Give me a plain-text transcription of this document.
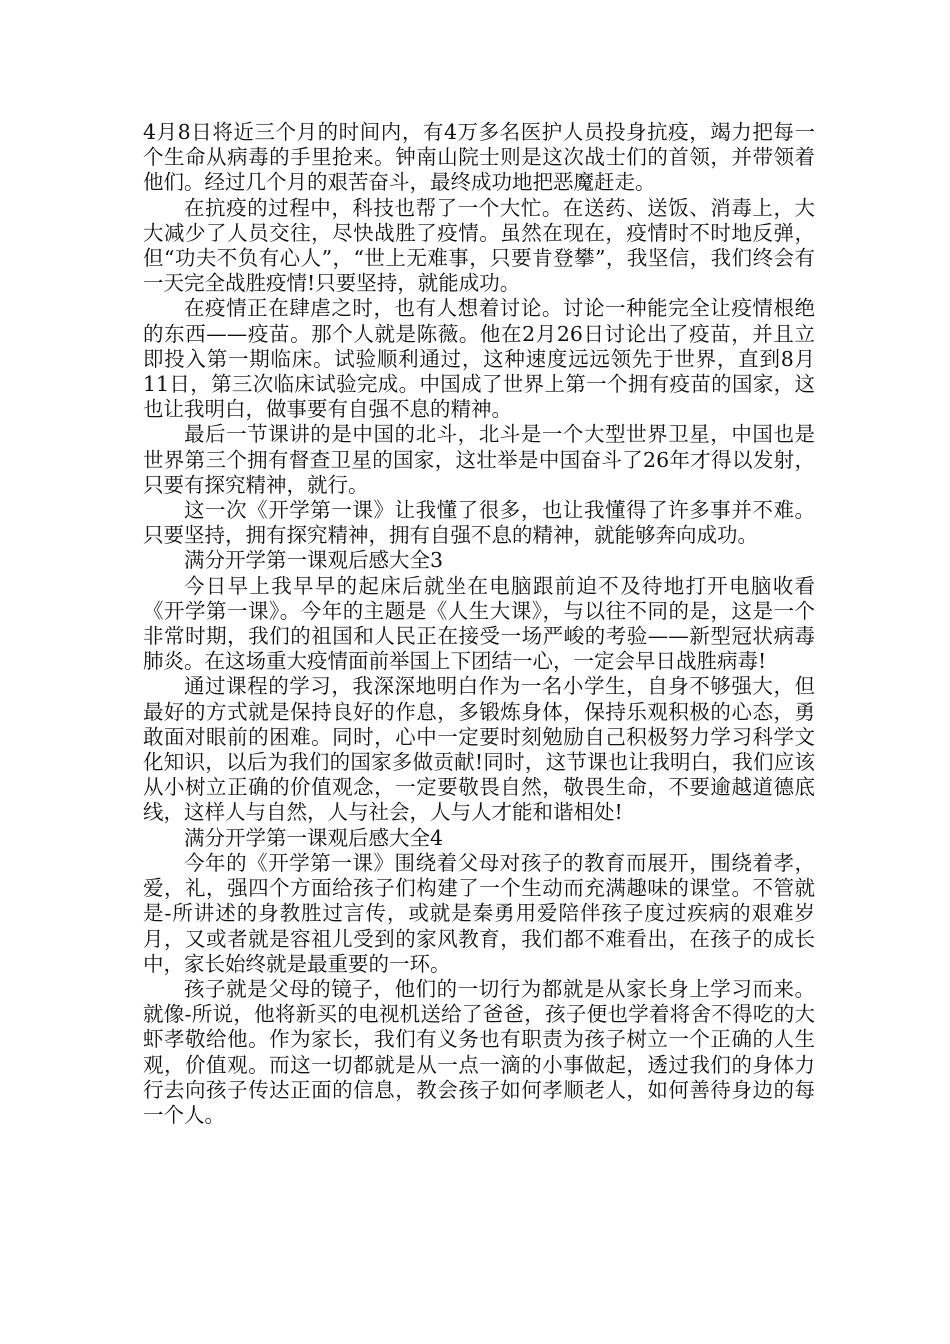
4月8日将近三个月的时间内，有4万多名医护人员投身抗疫，竭力把每一个生命从病毒的手里抢来。钟南山院士则是这次战士们的首领，并带领着他们。经过几个月的艰苦奋斗，最终成功地把恶魔赶走。

在抗疫的过程中，科技也帮了一个大忙。在送药、送饭、消毒上，大大减少了人员交往，尽快战胜了疫情。虽然在现在，疫情时不时地反弹，但“功夫不负有心人”，“世上无难事，只要肯登攀”，我坚信，我们终会有一天完全战胜疫情!只要坚持，就能成功。

在疫情正在肆虐之时，也有人想着讨论。讨论一种能完全让疫情根绝的东西——疫苗。那个人就是陈薇。他在2月26日讨论出了疫苗，并且立即投入第一期临床。试验顺利通过，这种速度远远领先于世界，直到8月11日，第三次临床试验完成。中国成了世界上第一个拥有疫苗的国家，这也让我明白，做事要有自强不息的精神。

最后一节课讲的是中国的北斗，北斗是一个大型世界卫星，中国也是世界第三个拥有督查卫星的国家，这壮举是中国奋斗了26年才得以发射，只要有探究精神，就行。

这一次《开学第一课》让我懂了很多，也让我懂得了许多事并不难。只要坚持，拥有探究精神，拥有自强不息的精神，就能够奔向成功。

满分开学第一课观后感大全3

今日早上我早早的起床后就坐在电脑跟前迫不及待地打开电脑收看《开学第一课》。今年的主题是《人生大课》，与以往不同的是，这是一个非常时期，我们的祖国和人民正在接受一场严峻的考验——新型冠状病毒肺炎。在这场重大疫情面前举国上下团结一心，一定会早日战胜病毒!

通过课程的学习，我深深地明白作为一名小学生，自身不够强大，但最好的方式就是保持良好的作息，多锻炼身体，保持乐观积极的心态，勇敢面对眼前的困难。同时，心中一定要时刻勉励自己积极努力学习科学文化知识，以后为我们的国家多做贡献!同时，这节课也让我明白，我们应该从小树立正确的价值观念，一定要敬畏自然，敬畏生命，不要逾越道德底线，这样人与自然，人与社会，人与人才能和谐相处!

满分开学第一课观后感大全4

今年的《开学第一课》围绕着父母对孩子的教育而展开，围绕着孝，爱，礼，强四个方面给孩子们构建了一个生动而充满趣味的课堂。不管就是-所讲述的身教胜过言传，或就是秦勇用爱陪伴孩子度过疾病的艰难岁月，又或者就是容祖儿受到的家风教育，我们都不难看出，在孩子的成长中，家长始终就是最重要的一环。

孩子就是父母的镜子，他们的一切行为都就是从家长身上学习而来。就像-所说，他将新买的电视机送给了爸爸，孩子便也学着将舍不得吃的大虾孝敬给他。作为家长，我们有义务也有职责为孩子树立一个正确的人生观，价值观。而这一切都就是从一点一滴的小事做起，透过我们的身体力行去向孩子传达正面的信息，教会孩子如何孝顺老人，如何善待身边的每一个人。
